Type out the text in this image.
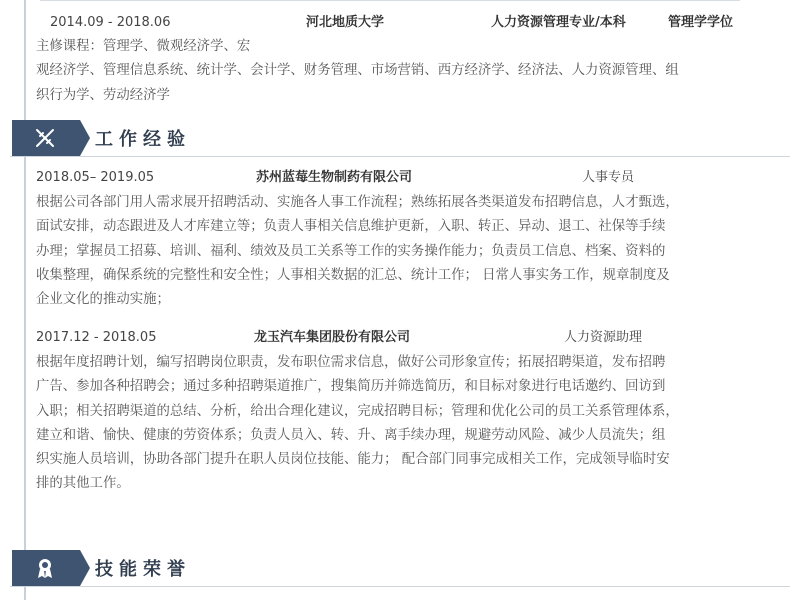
2014.09 - 2018.06	河北地质大学	人力资源管理专业/本科	管理学学位
主修课程：管理学、微观经济学、宏
观经济学、管理信息系统、统计学、会计学、财务管理、市场营销、西方经济学、经济法、人力资源管理、组
织行为学、劳动经济学
工作经验
2018.05– 2019.05	苏州蓝莓生物制药有限公司	人事专员
根据公司各部门用人需求展开招聘活动、实施各人事工作流程；熟练拓展各类渠道发布招聘信息，人才甄选，
面试安排，动态跟进及人才库建立等；负责人事相关信息维护更新，入职、转正、异动、退工、社保等手续
办理；掌握员工招募、培训、福利、绩效及员工关系等工作的实务操作能力；负责员工信息、档案、资料的
收集整理，确保系统的完整性和安全性；人事相关数据的汇总、统计工作； 日常人事实务工作，规章制度及
企业文化的推动实施；
2017.12 - 2018.05	龙玉汽车集团股份有限公司	人力资源助理
根据年度招聘计划，编写招聘岗位职责，发布职位需求信息，做好公司形象宣传；拓展招聘渠道，发布招聘
广告、参加各种招聘会；通过多种招聘渠道推广，搜集简历并筛选简历，和目标对象进行电话邀约、回访到
入职；相关招聘渠道的总结、分析，给出合理化建议，完成招聘目标；管理和优化公司的员工关系管理体系，
建立和谐、愉快、健康的劳资体系；负责人员入、转、升、离手续办理，规避劳动风险、减少人员流失；组
织实施人员培训，协助各部门提升在职人员岗位技能、能力； 配合部门同事完成相关工作，完成领导临时安
排的其他工作。
技能荣誉
